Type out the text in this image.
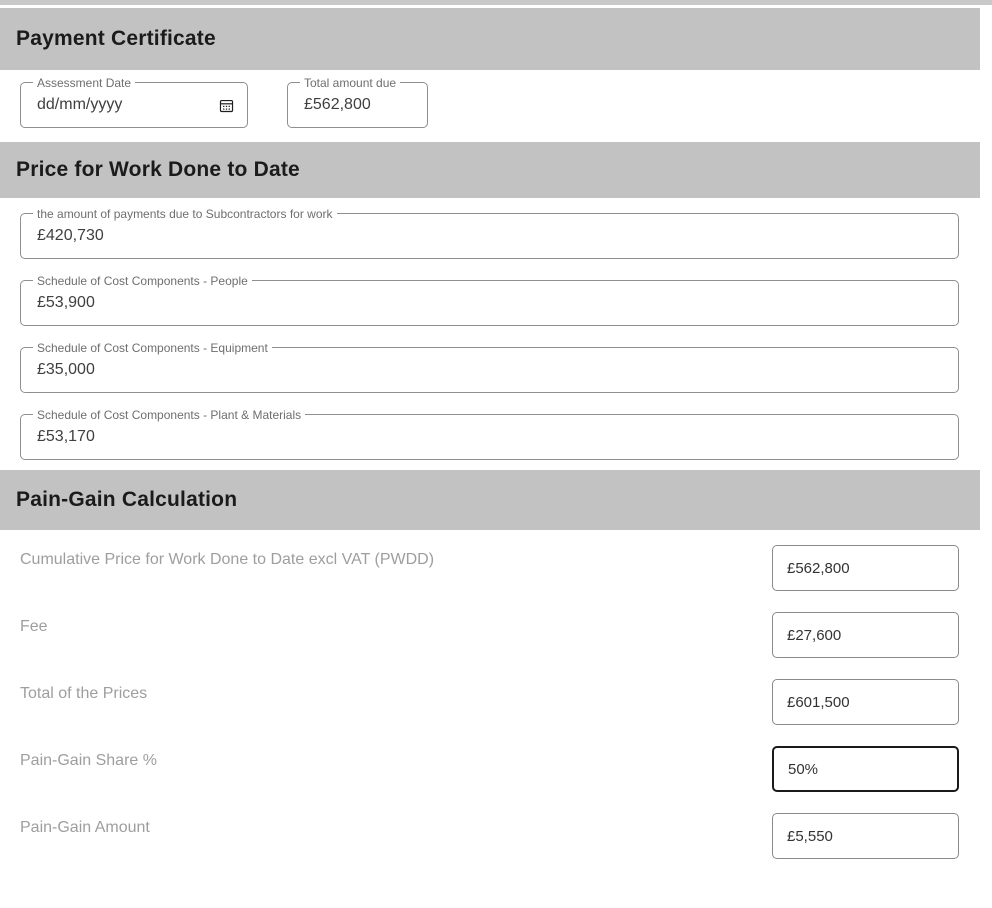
Payment Certificate
Assessment Date
dd/mm/yyyy	Total amount due
£562,800
Price for Work Done to Date
the amount of payments due to Subcontractors for work
£420,730
Schedule of Cost Components - People
£53,900
Schedule of Cost Components - Equipment
£35,000
Schedule of Cost Components - Plant & Materials
£53,170
Pain-Gain Calculation
Cumulative Price for Work Done to Date excl VAT (PWDD)
£562,800
Fee
£27,600
Total of the Prices
£601,500
Pain-Gain Share %
50%
Pain-Gain Amount
£5,550
